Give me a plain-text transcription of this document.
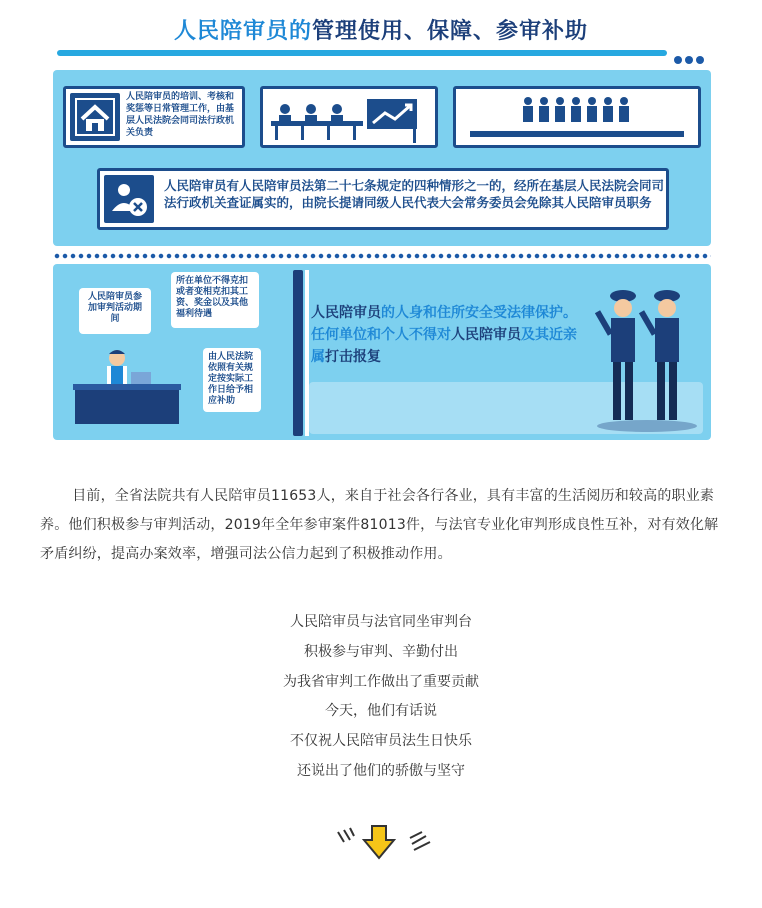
人民陪审员的管理使用、保障、参审补助
人民陪审员的培训、考核和奖惩等日常管理工作，由基层人民法院会同司法行政机关负责
人民陪审员有人民陪审员法第二十七条规定的四种情形之一的，经所在基层人民法院会同司法行政机关查证属实的，由院长提请同级人民代表大会常务委员会免除其人民陪审员职务
人民陪审员参加审判活动期间
所在单位不得克扣或者变相克扣其工资、奖金以及其他福利待遇
由人民法院依照有关规定按实际工作日给予相应补助
人民陪审员的人身和住所安全受法律保护。任何单位和个人不得对人民陪审员及其近亲属打击报复

目前，全省法院共有人民陪审员11653人，来自于社会各行各业，具有丰富的生活阅历和较高的职业素养。他们积极参与审判活动，2019年全年参审案件81013件，与法官专业化审判形成良性互补，对有效化解矛盾纠纷，提高办案效率，增强司法公信力起到了积极推动作用。

人民陪审员与法官同坐审判台
积极参与审判、辛勤付出
为我省审判工作做出了重要贡献
今天，他们有话说
不仅祝人民陪审员法生日快乐
还说出了他们的骄傲与坚守
